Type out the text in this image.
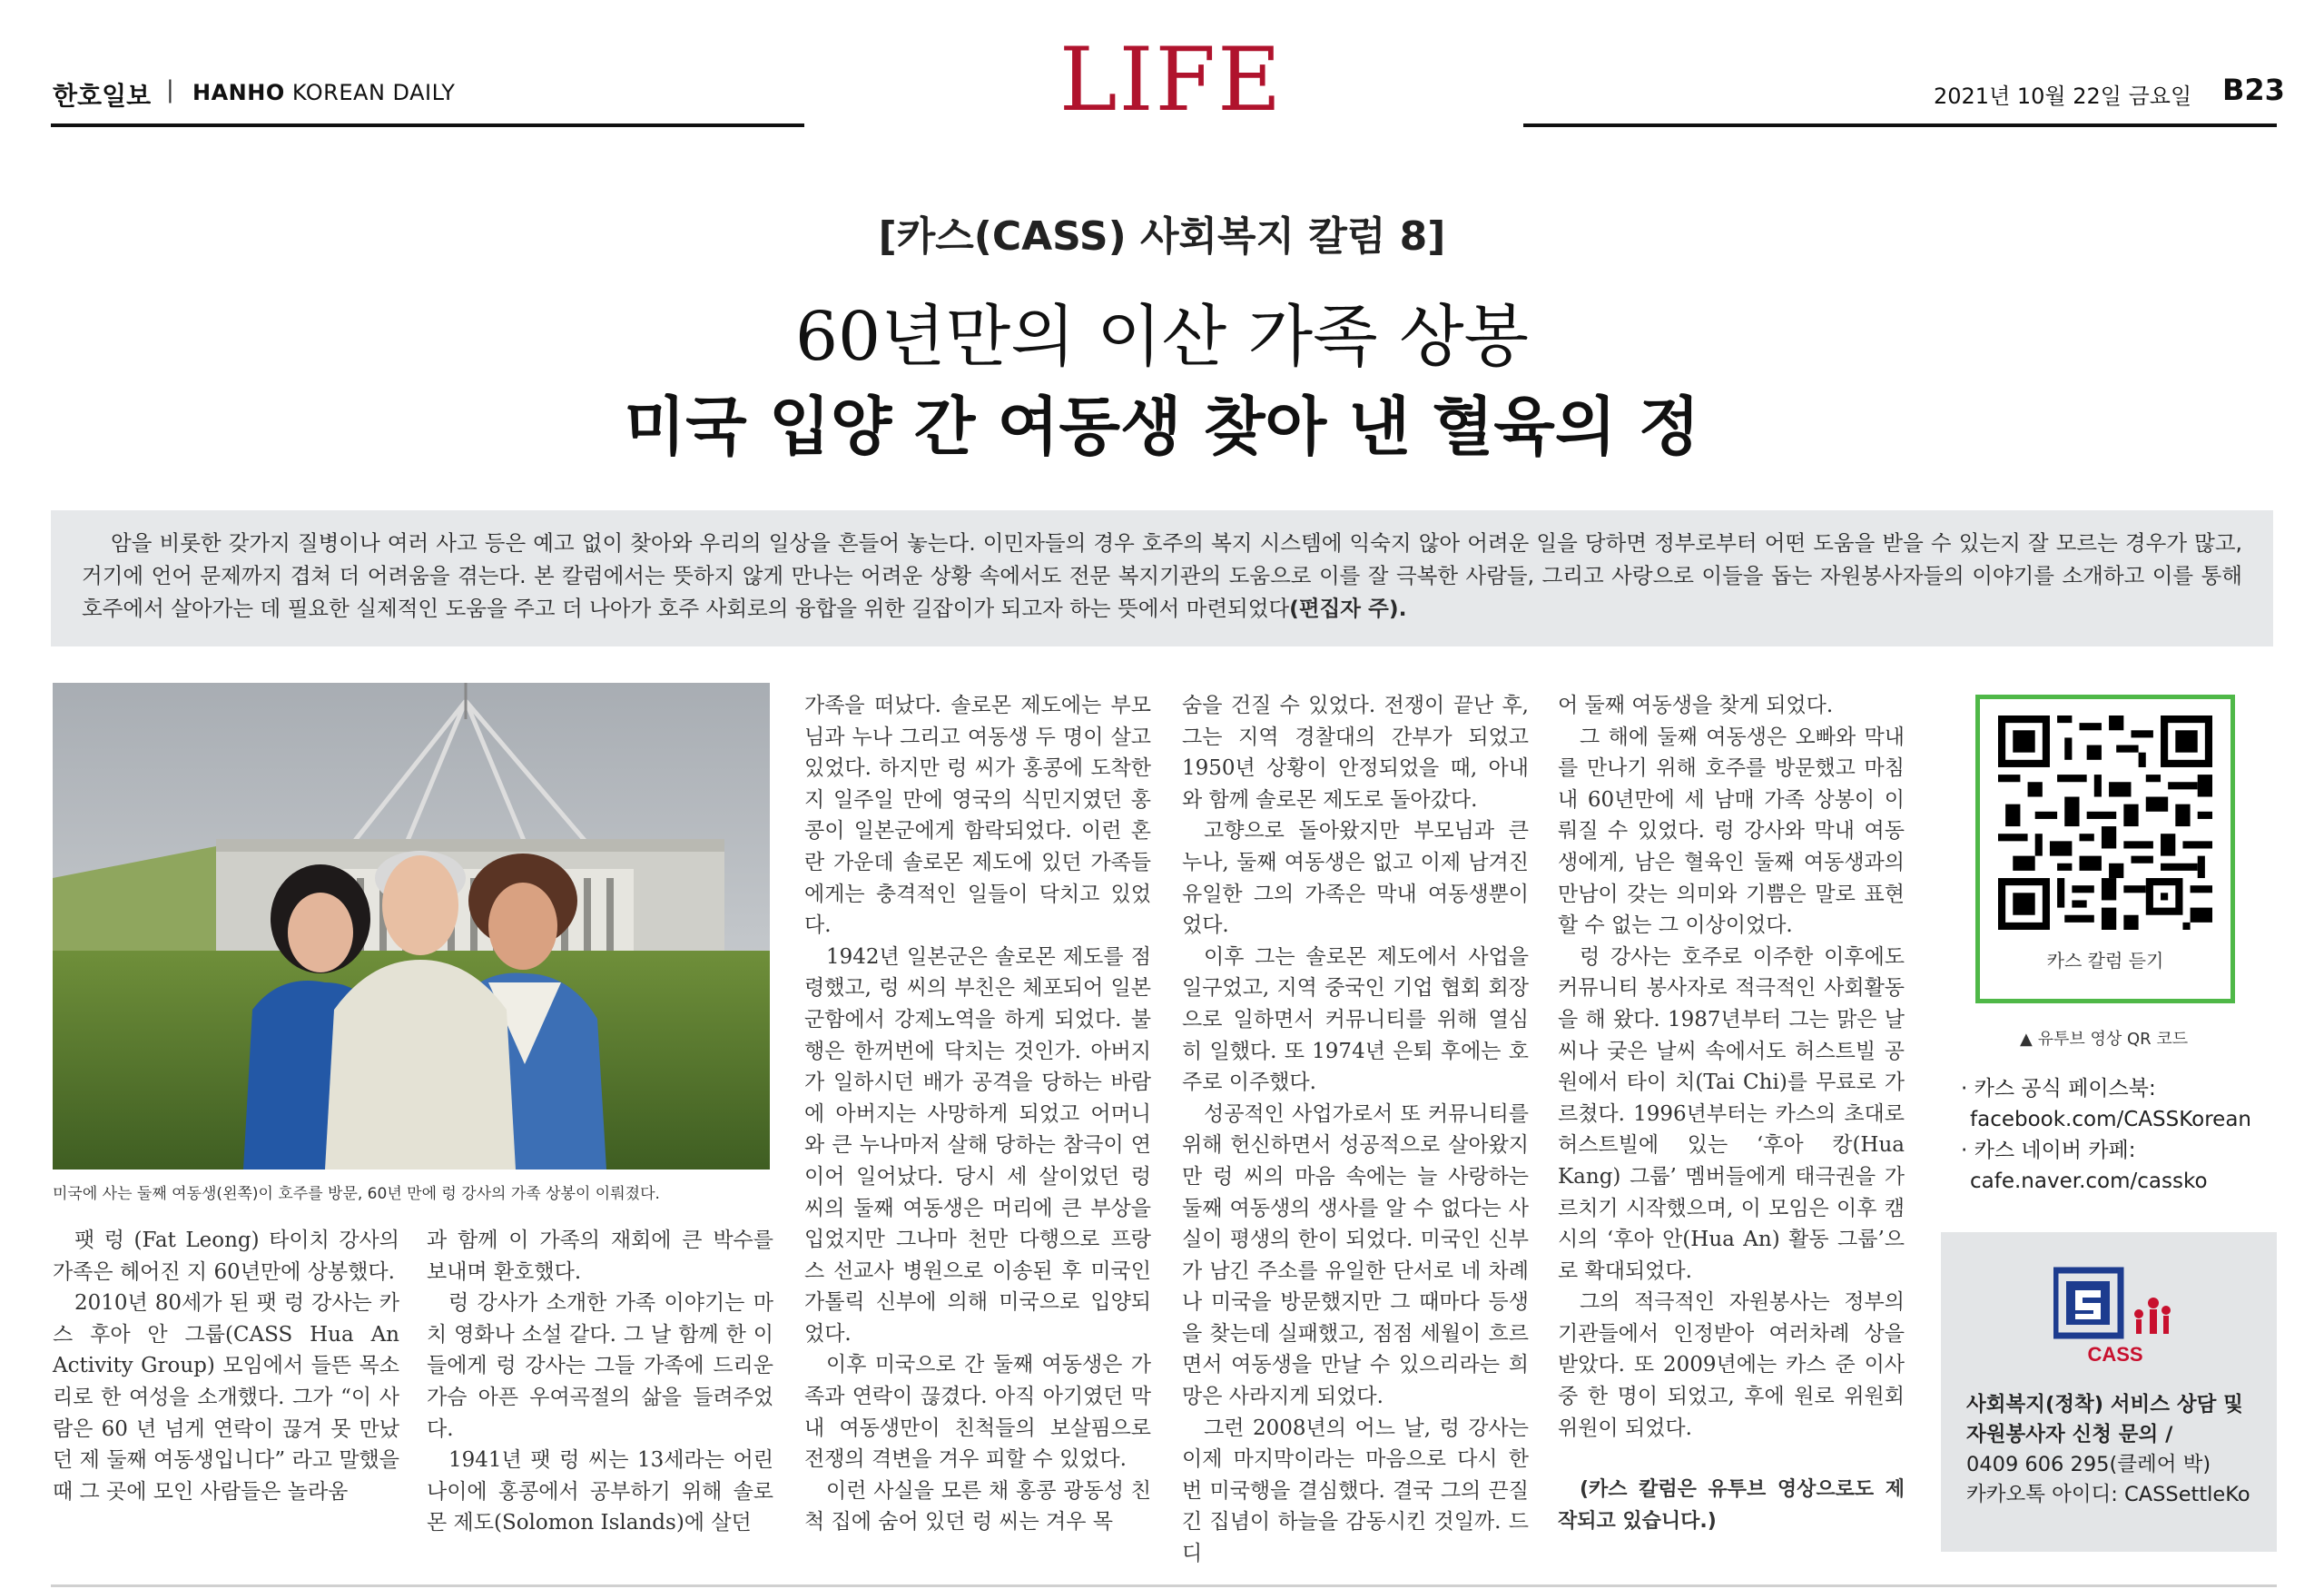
한호일보 | HANHO KOREAN DAILY	LIFE	2021년 10월 22일 금요일 B23
[카스(CASS) 사회복지 칼럼 8]
60년만의 이산 가족 상봉
미국 입양 간 여동생 찾아 낸 혈육의 정

암을 비롯한 갖가지 질병이나 여러 사고 등은 예고 없이 찾아와 우리의 일상을 흔들어 놓는다. 이민자들의 경우 호주의 복지 시스템에 익숙지 않아 어려운 일을 당하면 정부로부터 어떤 도움을 받을 수 있는지 잘 모르는 경우가 많고, 거기에 언어 문제까지 겹쳐 더 어려움을 겪는다. 본 칼럼에서는 뜻하지 않게 만나는 어려운 상황 속에서도 전문 복지기관의 도움으로 이를 잘 극복한 사람들, 그리고 사랑으로 이들을 돕는 자원봉사자들의 이야기를 소개하고 이를 통해 호주에서 살아가는 데 필요한 실제적인 도움을 주고 더 나아가 호주 사회로의 융합을 위한 길잡이가 되고자 하는 뜻에서 마련되었다(편집자 주).

미국에 사는 둘째 여동생(왼쪽)이 호주를 방문, 60년 만에 렁 강사의 가족 상봉이 이뤄졌다.

팻 렁 (Fat Leong) 타이치 강사의 가족은 헤어진 지 60년만에 상봉했다.

2010년 80세가 된 팻 렁 강사는 카스 후아 안 그룹(CASS Hua An Activity Group) 모임에서 들뜬 목소리로 한 여성을 소개했다. 그가 “이 사람은 60 년 넘게 연락이 끊겨 못 만났던 제 둘째 여동생입니다” 라고 말했을 때 그 곳에 모인 사람들은 놀라움

과 함께 이 가족의 재회에 큰 박수를 보내며 환호했다.

렁 강사가 소개한 가족 이야기는 마치 영화나 소설 같다. 그 날 함께 한 이들에게 렁 강사는 그들 가족에 드리운 가슴 아픈 우여곡절의 삶을 들려주었다.

1941년 팻 렁 씨는 13세라는 어린 나이에 홍콩에서 공부하기 위해 솔로몬 제도(Solomon Islands)에 살던

가족을 떠났다. 솔로몬 제도에는 부모님과 누나 그리고 여동생 두 명이 살고 있었다. 하지만 렁 씨가 홍콩에 도착한 지 일주일 만에 영국의 식민지였던 홍콩이 일본군에게 함락되었다. 이런 혼란 가운데 솔로몬 제도에 있던 가족들에게는 충격적인 일들이 닥치고 있었다.

1942년 일본군은 솔로몬 제도를 점령했고, 렁 씨의 부친은 체포되어 일본 군함에서 강제노역을 하게 되었다. 불행은 한꺼번에 닥치는 것인가. 아버지가 일하시던 배가 공격을 당하는 바람에 아버지는 사망하게 되었고 어머니와 큰 누나마저 살해 당하는 참극이 연이어 일어났다. 당시 세 살이었던 렁 씨의 둘째 여동생은 머리에 큰 부상을 입었지만 그나마 천만 다행으로 프랑스 선교사 병원으로 이송된 후 미국인 가톨릭 신부에 의해 미국으로 입양되었다.

이후 미국으로 간 둘째 여동생은 가족과 연락이 끊겼다. 아직 아기였던 막내 여동생만이 친척들의 보살핌으로 전쟁의 격변을 겨우 피할 수 있었다.

이런 사실을 모른 채 홍콩 광동성 친척 집에 숨어 있던 렁 씨는 겨우 목

숨을 건질 수 있었다. 전쟁이 끝난 후, 그는 지역 경찰대의 간부가 되었고 1950년 상황이 안정되었을 때, 아내와 함께 솔로몬 제도로 돌아갔다.

고향으로 돌아왔지만 부모님과 큰 누나, 둘째 여동생은 없고 이제 남겨진 유일한 그의 가족은 막내 여동생뿐이었다.

이후 그는 솔로몬 제도에서 사업을 일구었고, 지역 중국인 기업 협회 회장으로 일하면서 커뮤니티를 위해 열심히 일했다. 또 1974년 은퇴 후에는 호주로 이주했다.

성공적인 사업가로서 또 커뮤니티를 위해 헌신하면서 성공적으로 살아왔지만 렁 씨의 마음 속에는 늘 사랑하는 둘째 여동생의 생사를 알 수 없다는 사실이 평생의 한이 되었다. 미국인 신부가 남긴 주소를 유일한 단서로 네 차례나 미국을 방문했지만 그 때마다 등생을 찾는데 실패했고, 점점 세월이 흐르면서 여동생을 만날 수 있으리라는 희망은 사라지게 되었다.

그런 2008년의 어느 날, 렁 강사는 이제 마지막이라는 마음으로 다시 한번 미국행을 결심했다. 결국 그의 끈질긴 집념이 하늘을 감동시킨 것일까. 드디

어 둘째 여동생을 찾게 되었다.

그 해에 둘째 여동생은 오빠와 막내를 만나기 위해 호주를 방문했고 마침내 60년만에 세 남매 가족 상봉이 이뤄질 수 있었다. 렁 강사와 막내 여동생에게, 남은 혈육인 둘째 여동생과의 만남이 갖는 의미와 기쁨은 말로 표현할 수 없는 그 이상이었다.

렁 강사는 호주로 이주한 이후에도 커뮤니티 봉사자로 적극적인 사회활동을 해 왔다. 1987년부터 그는 맑은 날씨나 궂은 날씨 속에서도 허스트빌 공원에서 타이 치(Tai Chi)를 무료로 가르쳤다. 1996년부터는 카스의 초대로 허스트빌에 있는 ‘후아 캉(Hua Kang) 그룹’ 멤버들에게 태극권을 가르치기 시작했으며, 이 모임은 이후 캠시의 ‘후아 안(Hua An) 활동 그룹’으로 확대되었다.

그의 적극적인 자원봉사는 정부의 기관들에서 인정받아 여러차례 상을 받았다. 또 2009년에는 카스 준 이사 중 한 명이 되었고, 후에 원로 위원회 위원이 되었다.

(카스 칼럼은 유투브 영상으로도 제작되고 있습니다.)

카스 칼럼 듣기
▲ 유투브 영상 QR 코드
· 카스 공식 페이스북:
facebook.com/CASSKorean
· 카스 네이버 카페:
cafe.naver.com/cassko
CASS
사회복지(정착) 서비스 상담 및
자원봉사자 신청 문의 /
0409 606 295(클레어 박)
카카오톡 아이디: CASSettleKo
